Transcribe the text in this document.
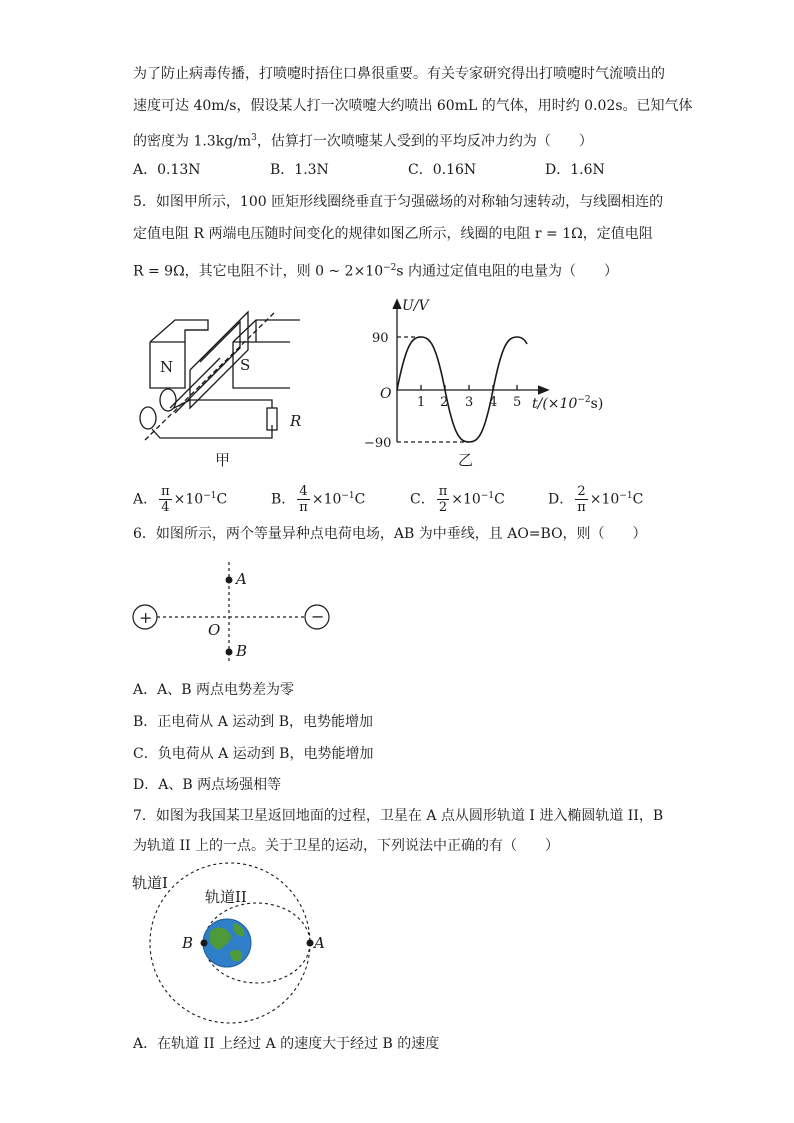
为了防止病毒传播，打喷嚏时捂住口鼻很重要。有关专家研究得出打喷嚏时气流喷出的
速度可达 40m/s，假设某人打一次喷嚏大约喷出 60mL 的气体，用时约 0.02s。已知气体
的密度为 $1.3kg/m^3$，估算打一次喷嚏某人受到的平均反冲力约为（　　）
A．0.13N	B．1.3N	C．0.16N	D．1.6N
5．如图甲所示，100 匝矩形线圈绕垂直于匀强磁场的对称轴匀速转动，与线圈相连的
定值电阻 R 两端电压随时间变化的规律如图乙所示，线圈的电阻 r = 1Ω，定值电阻
R = 9Ω，其它电阻不计，则 0 ~ $2\times 10^{-2}s$ 内通过定值电阻的电量为（　　）
N	S
R
甲
U/V
90
−90
O
1 2 3 4 5 $t/(\times 10^{-2}s)$
乙
A． $\frac{\pi}{4} \times 10^{-1}C$	B． $\frac{4}{\pi} \times 10^{-1}C$	C． $\frac{\pi}{2} \times 10^{-1}C$	D． $\frac{2}{\pi} \times 10^{-1}C$
6．如图所示，两个等量异种点电荷电场，AB 为中垂线，且 AO=BO，则（　　）
+	−
A
B
O
A．A、B 两点电势差为零
B．正电荷从 A 运动到 B，电势能增加
C．负电荷从 A 运动到 B，电势能增加
D．A、B 两点场强相等
7．如图为我国某卫星返回地面的过程，卫星在 A 点从圆形轨道 I 进入椭圆轨道 II，B
为轨道 II 上的一点。关于卫星的运动，下列说法中正确的有（　　）
轨道I
轨道II
B	A
A．在轨道 II 上经过 A 的速度大于经过 B 的速度
